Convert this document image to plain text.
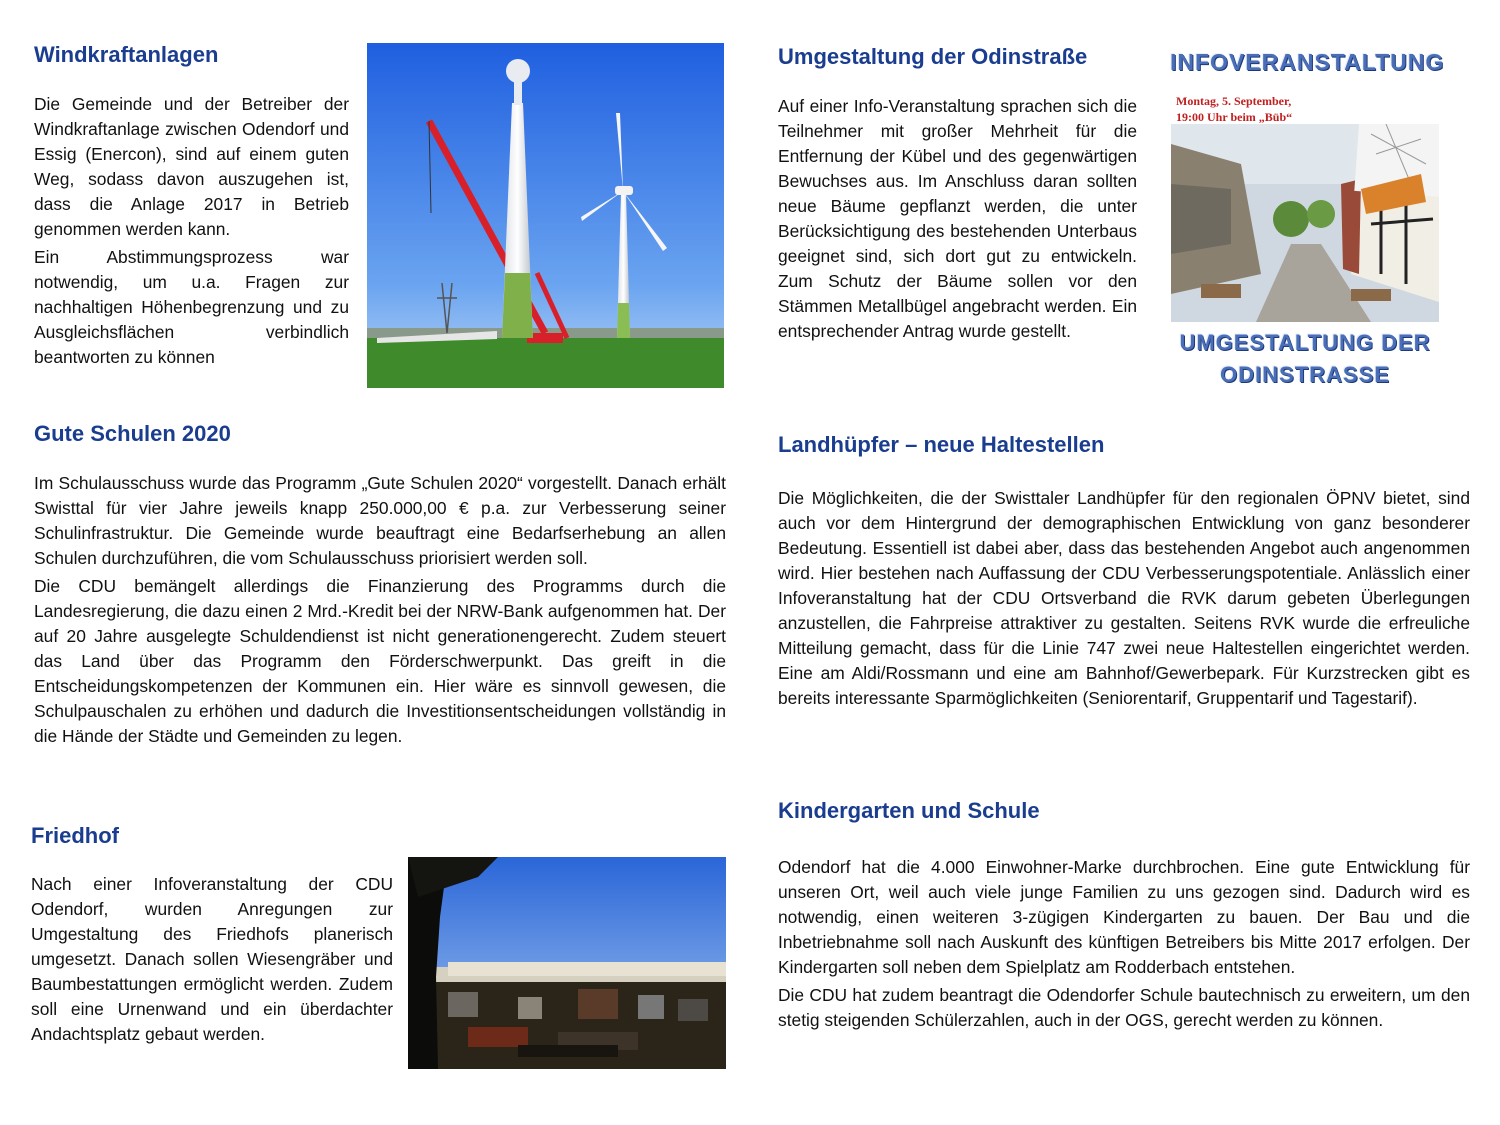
Windkraftanlagen

Die Gemeinde und der Betreiber der Windkraftanlage zwischen Odendorf und Essig (Enercon), sind auf einem guten Weg, sodass davon auszugehen ist, dass die Anlage 2017 in Betrieb genommen werden kann.

Ein Abstimmungsprozess war notwendig, um u.a. Fragen zur nachhaltigen Höhenbegrenzung und zu Ausgleichsflächen verbindlich beantworten zu können

Gute Schulen 2020

Im Schulausschuss wurde das Programm „Gute Schulen 2020“ vorgestellt. Danach erhält Swisttal für vier Jahre jeweils knapp 250.000,00 € p.a. zur Verbesserung seiner Schulinfrastruktur. Die Gemeinde wurde beauftragt eine Bedarfserhebung an allen Schulen durchzuführen, die vom Schulausschuss priorisiert werden soll.

Die CDU bemängelt allerdings die Finanzierung des Programms durch die Landesregierung, die dazu einen 2 Mrd.-Kredit bei der NRW-Bank aufgenommen hat. Der auf 20 Jahre ausgelegte Schuldendienst ist nicht generationengerecht. Zudem steuert das Land über das Programm den Förderschwerpunkt. Das greift in die Entscheidungskompetenzen der Kommunen ein. Hier wäre es sinnvoll gewesen, die Schulpauschalen zu erhöhen und dadurch die Investitionsentscheidungen vollständig in die Hände der Städte und Gemeinden zu legen.

Friedhof

Nach einer Infoveranstaltung der CDU Odendorf, wurden Anregungen zur Umgestaltung des Friedhofs planerisch umgesetzt. Danach sollen Wiesengräber und Baumbestattungen ermöglicht werden. Zudem soll eine Urnenwand und ein überdachter Andachtsplatz gebaut werden.

Umgestaltung der Odinstraße

Auf einer Info-Veranstaltung sprachen sich die Teilnehmer mit großer Mehrheit für die Entfernung der Kübel und des gegenwärtigen Bewuchses aus. Im Anschluss daran sollten neue Bäume gepflanzt werden, die unter Berücksichtigung des bestehenden Unterbaus geeignet sind, sich dort gut zu entwickeln. Zum Schutz der Bäume sollen vor den Stämmen Metallbügel angebracht werden. Ein entsprechender Antrag wurde gestellt.

INFOVERANSTALTUNG
Montag, 5. September,
19:00 Uhr beim „Büb“
UMGESTALTUNG DER
ODINSTRASSE
Landhüpfer – neue Haltestellen

Die Möglichkeiten, die der Swisttaler Landhüpfer für den regionalen ÖPNV bietet, sind auch vor dem Hintergrund der demographischen Entwicklung von ganz besonderer Bedeutung. Essentiell ist dabei aber, dass das bestehenden Angebot auch angenommen wird. Hier bestehen nach Auffassung der CDU Verbesserungspotentiale. Anlässlich einer Infoveranstaltung hat der CDU Ortsverband die RVK darum gebeten Überlegungen anzustellen, die Fahrpreise attraktiver zu gestalten. Seitens RVK wurde die erfreuliche Mitteilung gemacht, dass für die Linie 747 zwei neue Haltestellen eingerichtet werden. Eine am Aldi/Rossmann und eine am Bahnhof/Gewerbepark. Für Kurzstrecken gibt es bereits interessante Sparmöglichkeiten (Seniorentarif, Gruppentarif und Tagestarif).

Kindergarten und Schule

Odendorf hat die 4.000 Einwohner-Marke durchbrochen. Eine gute Entwicklung für unseren Ort, weil auch viele junge Familien zu uns gezogen sind. Dadurch wird es notwendig, einen weiteren 3-zügigen Kindergarten zu bauen. Der Bau und die Inbetriebnahme soll nach Auskunft des künftigen Betreibers bis Mitte 2017 erfolgen. Der Kindergarten soll neben dem Spielplatz am Rodderbach entstehen.

Die CDU hat zudem beantragt die Odendorfer Schule bautechnisch zu erweitern, um den stetig steigenden Schülerzahlen, auch in der OGS, gerecht werden zu können.
